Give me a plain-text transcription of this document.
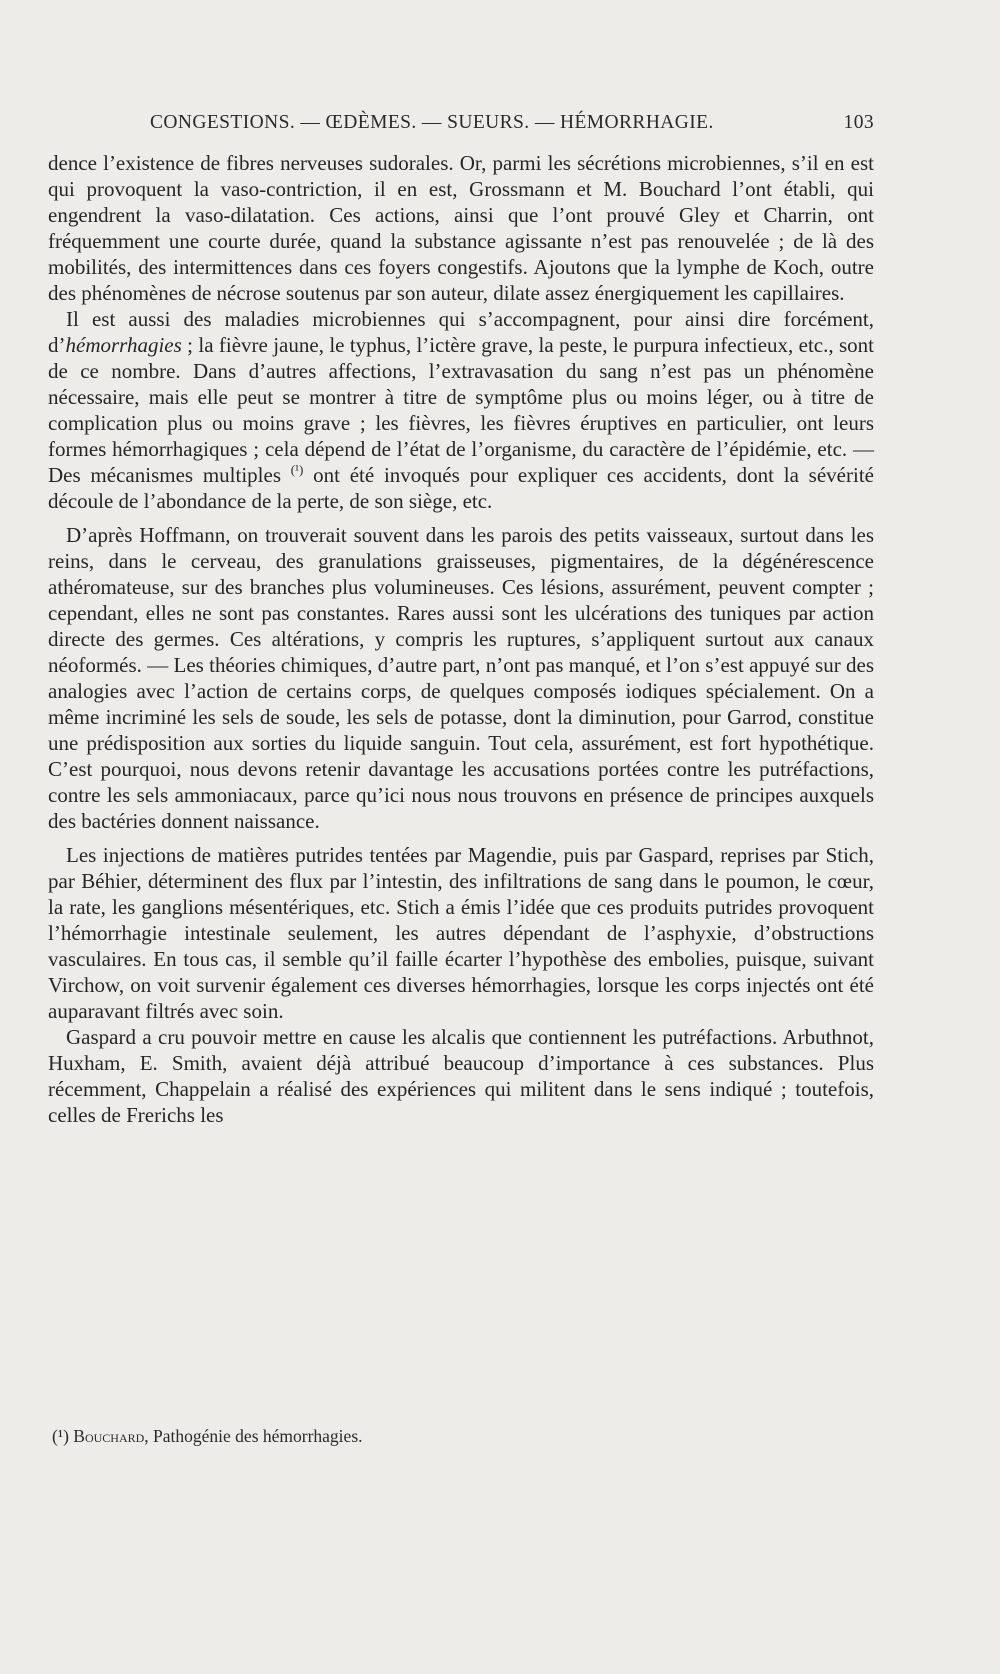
CONGESTIONS. — ŒDÈMES. — SUEURS. — HÉMORRHAGIE.	103

dence l’existence de fibres nerveuses sudorales. Or, parmi les sécrétions microbiennes, s’il en est qui provoquent la vaso-contriction, il en est, Grossmann et M. Bouchard l’ont établi, qui engendrent la vaso-dilatation. Ces actions, ainsi que l’ont prouvé Gley et Charrin, ont fréquemment une courte durée, quand la substance agissante n’est pas renouvelée ; de là des mobilités, des intermittences dans ces foyers congestifs. Ajoutons que la lymphe de Koch, outre des phénomènes de nécrose soutenus par son auteur, dilate assez énergiquement les capillaires.

Il est aussi des maladies microbiennes qui s’accompagnent, pour ainsi dire forcément, d’hémorrhagies ; la fièvre jaune, le typhus, l’ictère grave, la peste, le purpura infectieux, etc., sont de ce nombre. Dans d’autres affections, l’extravasation du sang n’est pas un phénomène nécessaire, mais elle peut se montrer à titre de symptôme plus ou moins léger, ou à titre de complication plus ou moins grave ; les fièvres, les fièvres éruptives en particulier, ont leurs formes hémorrhagiques ; cela dépend de l’état de l’organisme, du caractère de l’épidémie, etc. — Des mécanismes multiples $^{(^1)}$ ont été invoqués pour expliquer ces accidents, dont la sévérité découle de l’abondance de la perte, de son siège, etc.

D’après Hoffmann, on trouverait souvent dans les parois des petits vaisseaux, surtout dans les reins, dans le cerveau, des granulations graisseuses, pigmentaires, de la dégénérescence athéromateuse, sur des branches plus volumineuses. Ces lésions, assurément, peuvent compter ; cependant, elles ne sont pas constantes. Rares aussi sont les ulcérations des tuniques par action directe des germes. Ces altérations, y compris les ruptures, s’appliquent surtout aux canaux néoformés. — Les théories chimiques, d’autre part, n’ont pas manqué, et l’on s’est appuyé sur des analogies avec l’action de certains corps, de quelques composés iodiques spécialement. On a même incriminé les sels de soude, les sels de potasse, dont la diminution, pour Garrod, constitue une prédisposition aux sorties du liquide sanguin. Tout cela, assurément, est fort hypothétique. C’est pourquoi, nous devons retenir davantage les accusations portées contre les putréfactions, contre les sels ammoniacaux, parce qu’ici nous nous trouvons en présence de principes auxquels des bactéries donnent naissance.

Les injections de matières putrides tentées par Magendie, puis par Gaspard, reprises par Stich, par Béhier, déterminent des flux par l’intestin, des infiltrations de sang dans le poumon, le cœur, la rate, les ganglions mésentériques, etc. Stich a émis l’idée que ces produits putrides provoquent l’hémorrhagie intestinale seulement, les autres dépendant de l’asphyxie, d’obstructions vasculaires. En tous cas, il semble qu’il faille écarter l’hypothèse des embolies, puisque, suivant Virchow, on voit survenir également ces diverses hémorrhagies, lorsque les corps injectés ont été auparavant filtrés avec soin.

Gaspard a cru pouvoir mettre en cause les alcalis que contiennent les putréfactions. Arbuthnot, Huxham, E. Smith, avaient déjà attribué beaucoup d’importance à ces substances. Plus récemment, Chappelain a réalisé des expériences qui militent dans le sens indiqué ; toutefois, celles de Frerichs les

(¹) Bouchard, Pathogénie des hémorrhagies.
